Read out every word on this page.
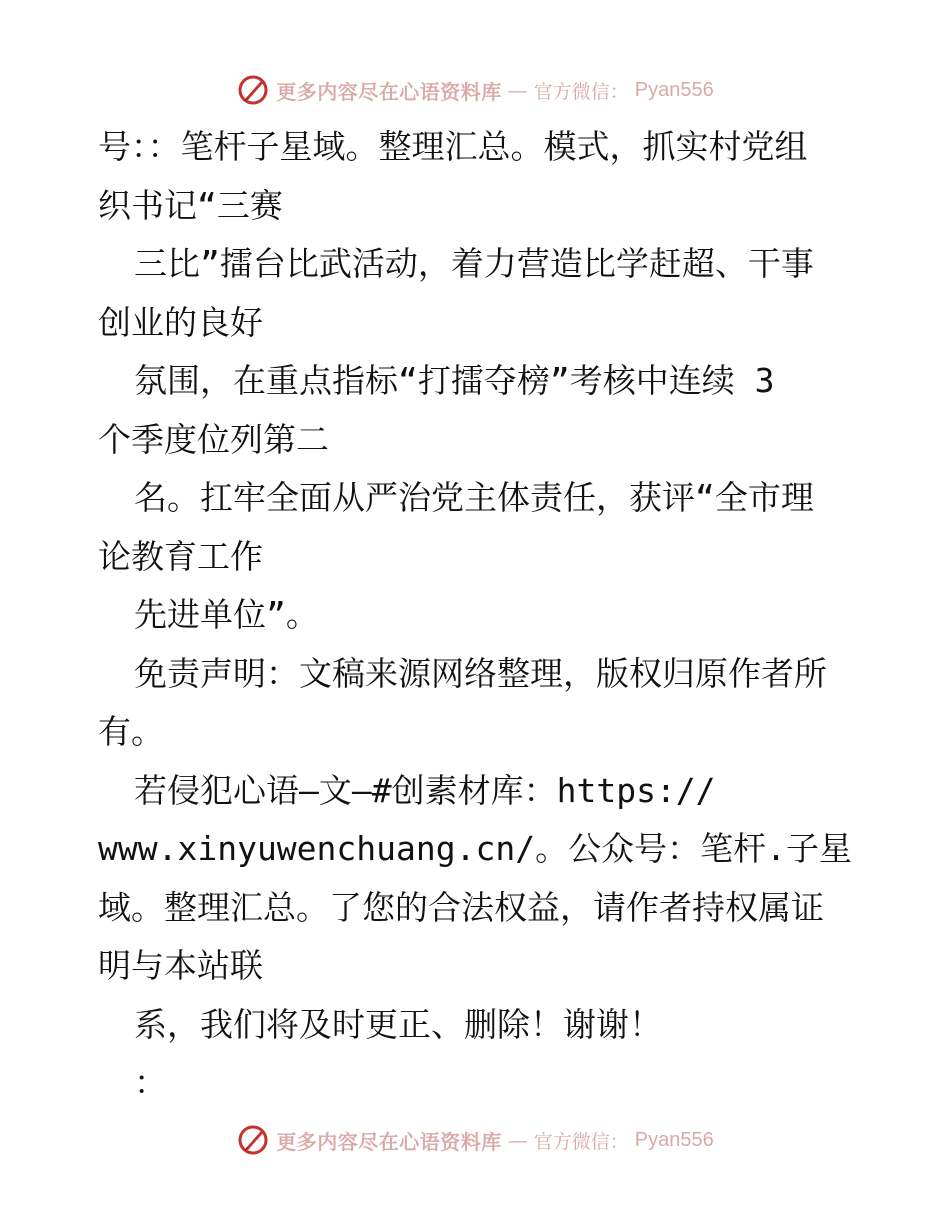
更多内容尽在心语资料库 — 官方微信： Pyan556
号：：笔杆子星域。整理汇总。模式，抓实村党组
织书记“三赛
三比”擂台比武活动，着力营造比学赶超、干事
创业的良好
氛围，在重点指标“打擂夺榜”考核中连续 3
个季度位列第二
名。扛牢全面从严治党主体责任，获评“全市理
论教育工作
先进单位”。
免责声明：文稿来源网络整理，版权归原作者所
有。
若侵犯心语—文—#创素材库：https://
www.xinyuwenchuang.cn/。公众号：笔杆.子星
域。整理汇总。了您的合法权益，请作者持权属证
明与本站联
系，我们将及时更正、删除！谢谢！
：
更多内容尽在心语资料库 — 官方微信： Pyan556
